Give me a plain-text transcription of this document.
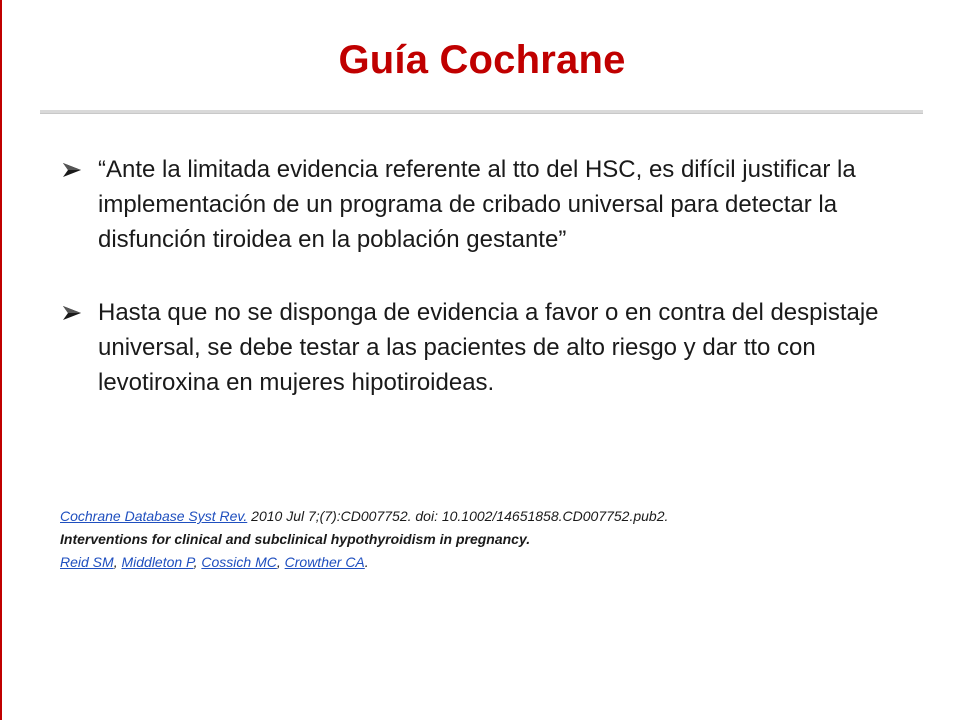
Guía Cochrane
“Ante la limitada evidencia referente al tto del HSC, es difícil justificar la implementación de un programa de cribado universal para detectar la disfunción tiroidea en la población gestante”
Hasta que no se disponga de evidencia a favor o en contra del despistaje universal, se debe testar a las pacientes de alto riesgo y dar tto con levotiroxina en mujeres hipotiroideas.
Cochrane Database Syst Rev. 2010 Jul 7;(7):CD007752. doi: 10.1002/14651858.CD007752.pub2.
Interventions for clinical and subclinical hypothyroidism in pregnancy.
Reid SM, Middleton P, Cossich MC, Crowther CA.
